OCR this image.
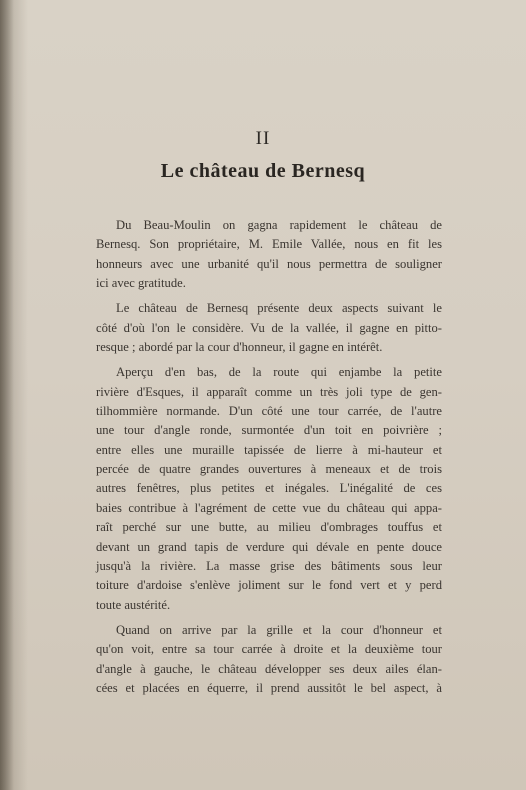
II
Le château de Bernesq

Du Beau-Moulin on gagna rapidement le château de
Bernesq. Son propriétaire, M. Emile Vallée, nous en fit les
honneurs avec une urbanité qu'il nous permettra de souligner
ici avec gratitude.

Le château de Bernesq présente deux aspects suivant le
côté d'où l'on le considère. Vu de la vallée, il gagne en pitto-
resque ; abordé par la cour d'honneur, il gagne en intérêt.

Aperçu d'en bas, de la route qui enjambe la petite
rivière d'Esques, il apparaît comme un très joli type de gen-
tilhommière normande. D'un côté une tour carrée, de l'autre
une tour d'angle ronde, surmontée d'un toit en poivrière ;
entre elles une muraille tapissée de lierre à mi-hauteur et
percée de quatre grandes ouvertures à meneaux et de trois
autres fenêtres, plus petites et inégales. L'inégalité de ces
baies contribue à l'agrément de cette vue du château qui appa-
raît perché sur une butte, au milieu d'ombrages touffus et
devant un grand tapis de verdure qui dévale en pente douce
jusqu'à la rivière. La masse grise des bâtiments sous leur
toiture d'ardoise s'enlève joliment sur le fond vert et y perd
toute austérité.

Quand on arrive par la grille et la cour d'honneur et
qu'on voit, entre sa tour carrée à droite et la deuxième tour
d'angle à gauche, le château développer ses deux ailes élan-
cées et placées en équerre, il prend aussitôt le bel aspect, à
